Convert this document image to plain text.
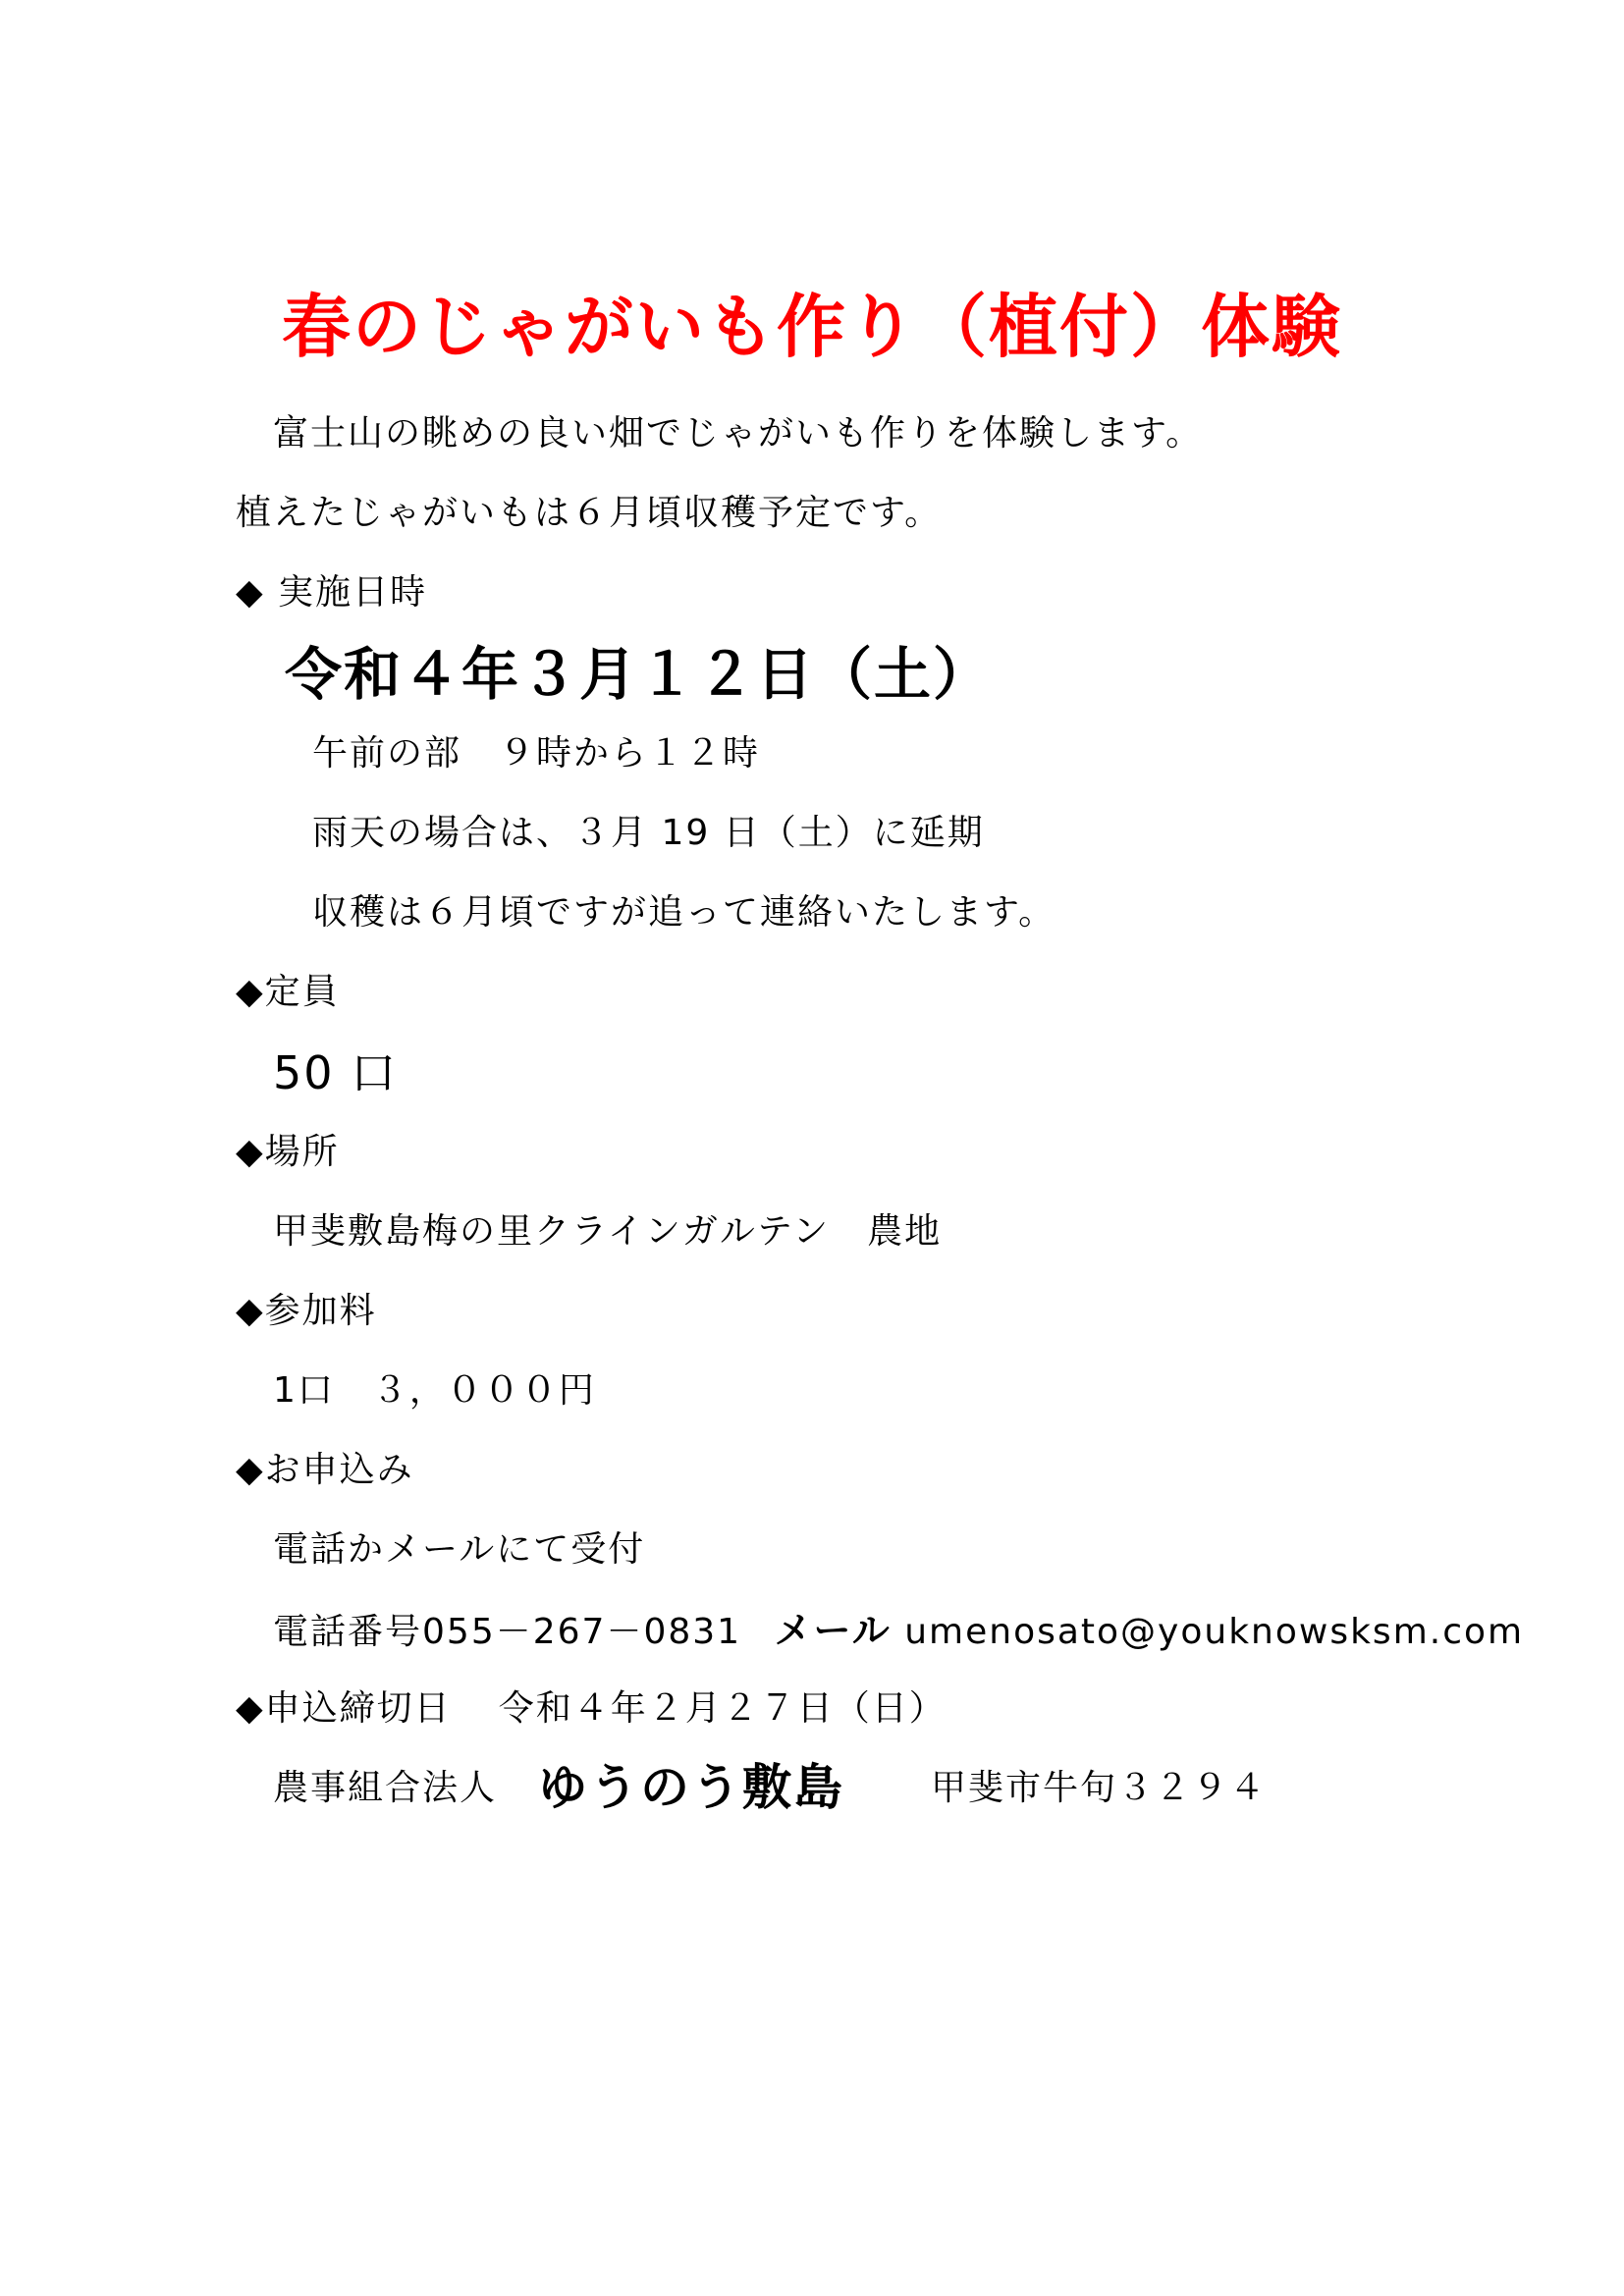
春のじゃがいも作り（植付）体験
富士山の眺めの良い畑でじゃがいも作りを体験します。
植えたじゃがいもは６月頃収穫予定です。
◆ 実施日時
令和４年３月１２日（土）
午前の部　９時から１２時
雨天の場合は、３月 19 日（土）に延期
収穫は６月頃ですが追って連絡いたします。
◆定員
50 口
◆場所
甲斐敷島梅の里クラインガルテン　農地
◆参加料
1口　３，０００円
◆お申込み
電話かメールにて受付
電話番号055－267－0831 メール umenosato@youknowsksm.com
◆申込締切日 令和４年２月２７日（日）
農事組合法人 ゆうのう敷島 甲斐市牛句３２９４
